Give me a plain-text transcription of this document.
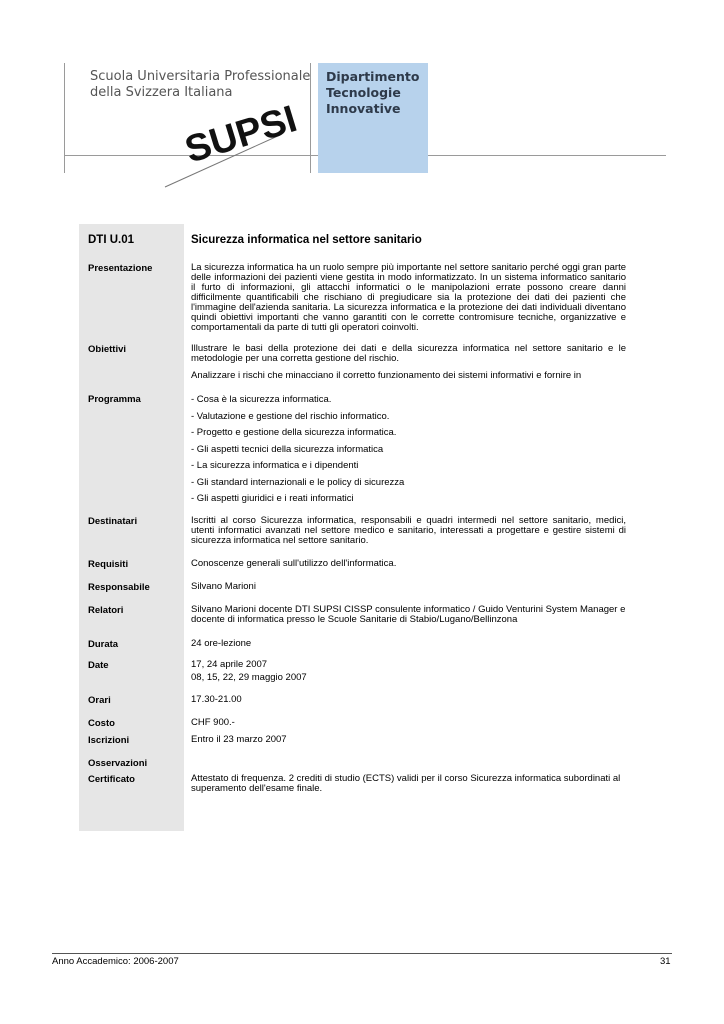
Scuola Universitaria Professionale
della Svizzera Italiana
SUPSI
Dipartimento
Tecnologie
Innovative
DTI U.01	Sicurezza informatica nel settore sanitario
Presentazione	La sicurezza informatica ha un ruolo sempre più importante nel settore sanitario perché oggi gran parte delle informazioni dei pazienti viene gestita in modo informatizzato. In un sistema informatico sanitario il furto di informazioni, gli attacchi informatici o le manipolazioni errate possono creare danni difficilmente quantificabili che rischiano di pregiudicare sia la protezione dei dati dei pazienti che l'immagine dell'azienda sanitaria. La sicurezza informatica e la protezione dei dati individuali diventano quindi obiettivi importanti che vanno garantiti con le corrette contromisure tecniche, organizzative e comportamentali da parte di tutti gli operatori coinvolti.
Obiettivi	Illustrare le basi della protezione dei dati e della sicurezza informatica nel settore sanitario e le metodologie per una corretta gestione del rischio.
Analizzare i rischi che minacciano il corretto funzionamento dei sistemi informativi e fornire in
Programma	- Cosa è la sicurezza informatica.
- Valutazione e gestione del rischio informatico.
- Progetto e gestione della sicurezza informatica.
- Gli aspetti tecnici della sicurezza informatica
- La sicurezza informatica e i dipendenti
- Gli standard internazionali e le policy di sicurezza
- Gli aspetti giuridici e i reati informatici
Destinatari	Iscritti al corso Sicurezza informatica, responsabili e quadri intermedi nel settore sanitario, medici, utenti informatici avanzati nel settore medico e sanitario, interessati a progettare e gestire sistemi di sicurezza informatica nel settore sanitario.
Requisiti	Conoscenze generali sull'utilizzo dell'informatica.
Responsabile	Silvano Marioni
Relatori	Silvano Marioni docente DTI SUPSI CISSP consulente informatico / Guido Venturini System Manager e docente di informatica presso le Scuole Sanitarie di Stabio/Lugano/Bellinzona
Durata	24 ore-lezione
Date	17, 24 aprile 2007
08, 15, 22, 29 maggio 2007
Orari	17.30-21.00
Costo	CHF 900.-
Iscrizioni	Entro il 23 marzo 2007
Osservazioni
Certificato	Attestato di frequenza. 2 crediti di studio (ECTS) validi per il corso Sicurezza informatica subordinati al superamento dell'esame finale.
Anno Accademico: 2006-2007	31
